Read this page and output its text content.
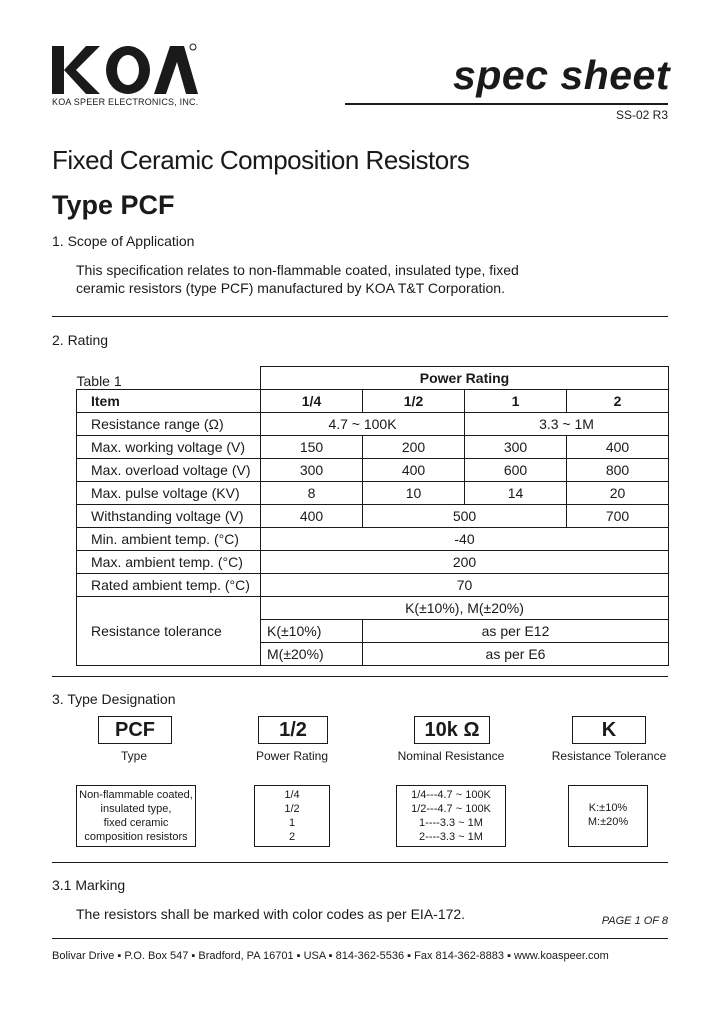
KOA SPEER ELECTRONICS, INC.
spec sheet
SS-02 R3
Fixed Ceramic Composition Resistors
Type PCF
1. Scope of Application
This specification relates to non-flammable coated, insulated type, fixed
ceramic resistors (type PCF) manufactured by KOA T&T Corporation.
2. Rating
Table 1	Power Rating			
Item	1/4	1/2	1	2
Resistance range (Ω)	4.7 ~ 100K		3.3 ~ 1M	
Max. working voltage (V)	150	200	300	400
Max. overload voltage (V)	300	400	600	800
Max. pulse voltage (KV)	8	10	14	20
Withstanding voltage (V)	400	500		700
Min. ambient temp. (°C)	-40			
Max. ambient temp. (°C)	200			
Rated ambient temp. (°C)	70			
Resistance tolerance	K(±10%), M(±20%)			
	K(±10%)	as per E12		
	M(±20%)	as per E6		
3. Type Designation
PCF	1/2	10k Ω	K
Type	Power Rating	Nominal Resistance	Resistance Tolerance
Non-flammable coated,
insulated type,
fixed ceramic
composition resistors
1/4
1/2
1
2
1/4---4.7 ~ 100K
1/2---4.7 ~ 100K
1----3.3 ~ 1M
2----3.3 ~ 1M
K:±10%
M:±20%
3.1 Marking
The resistors shall be marked with color codes as per EIA-172.	PAGE 1 OF 8
Bolivar Drive ▪ P.O. Box 547 ▪ Bradford, PA 16701 ▪ USA ▪ 814-362-5536 ▪ Fax 814-362-8883 ▪ www.koaspeer.com
